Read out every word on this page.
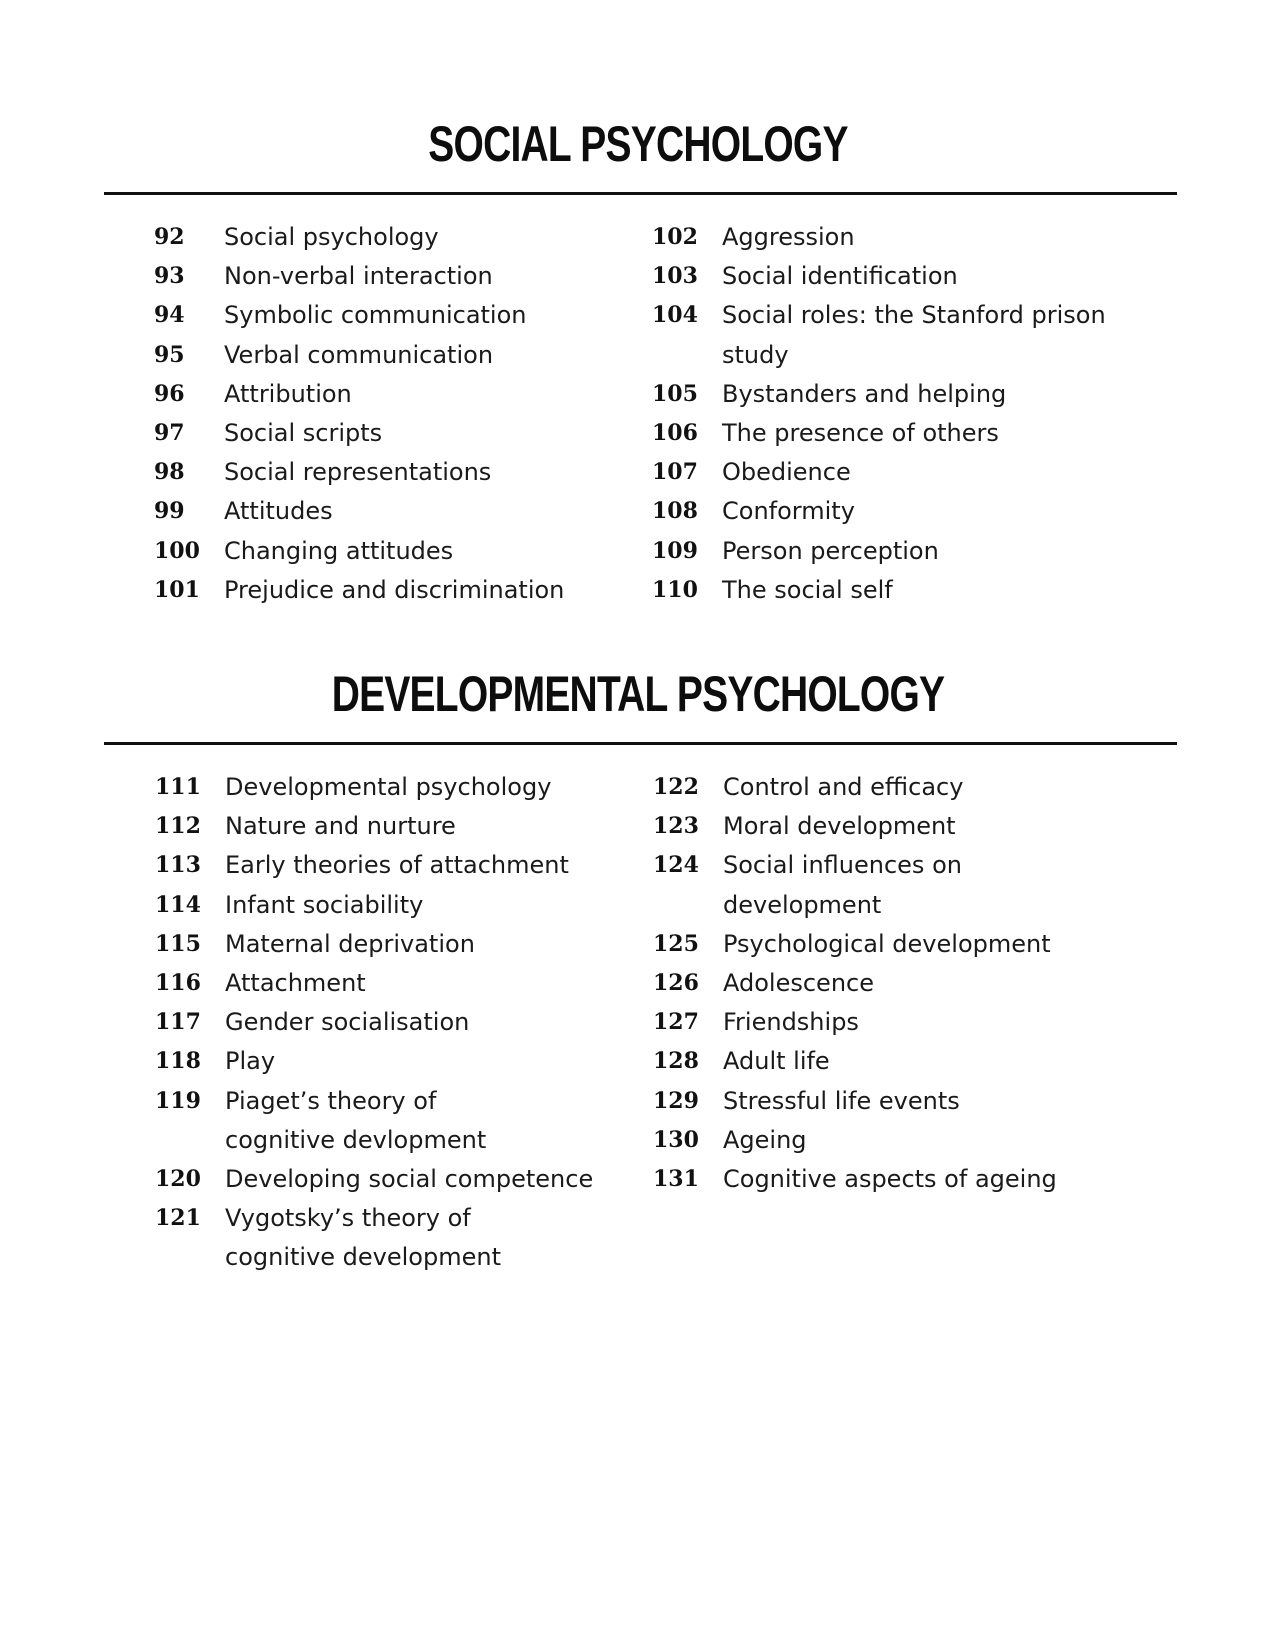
SOCIAL PSYCHOLOGY
92 Social psychology
93 Non-verbal interaction
94 Symbolic communication
95 Verbal communication
96 Attribution
97 Social scripts
98 Social representations
99 Attitudes
100 Changing attitudes
101 Prejudice and discrimination
102 Aggression
103 Social identification
104 Social roles: the Stanford prison
study
105 Bystanders and helping
106 The presence of others
107 Obedience
108 Conformity
109 Person perception
110 The social self
DEVELOPMENTAL PSYCHOLOGY
111 Developmental psychology
112 Nature and nurture
113 Early theories of attachment
114 Infant sociability
115 Maternal deprivation
116 Attachment
117 Gender socialisation
118 Play
119 Piaget’s theory of
cognitive devlopment
120 Developing social competence
121 Vygotsky’s theory of
cognitive development
122 Control and efficacy
123 Moral development
124 Social influences on development
125 Psychological development
126 Adolescence
127 Friendships
128 Adult life
129 Stressful life events
130 Ageing
131 Cognitive aspects of ageing
